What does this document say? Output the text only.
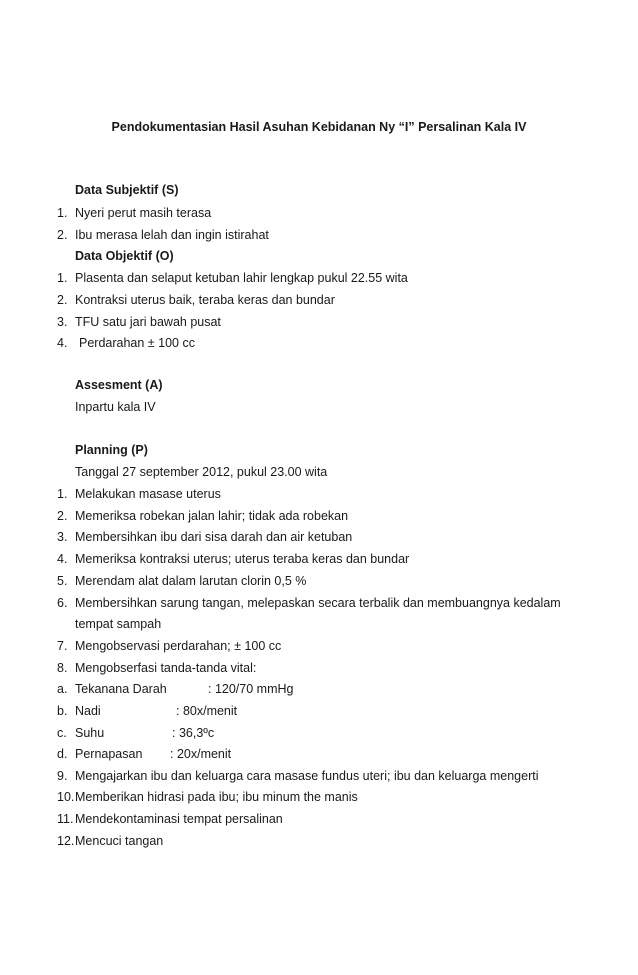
Pendokumentasian Hasil Asuhan Kebidanan Ny “I” Persalinan Kala IV
Data Subjektif (S)
1. Nyeri perut masih terasa
2. Ibu merasa lelah dan ingin istirahat
Data Objektif (O)
1. Plasenta dan selaput ketuban lahir lengkap pukul 22.55 wita
2. Kontraksi uterus baik, teraba keras dan bundar
3. TFU satu jari bawah pusat
4. Perdarahan ± 100 cc
Assesment (A)
Inpartu kala IV
Planning (P)
Tanggal 27 september 2012, pukul 23.00 wita
1. Melakukan masase uterus
2. Memeriksa robekan jalan lahir; tidak ada robekan
3. Membersihkan ibu dari sisa darah dan air ketuban
4. Memeriksa kontraksi uterus; uterus teraba keras dan bundar
5. Merendam alat dalam larutan clorin 0,5 %
6. Membersihkan sarung tangan, melepaskan secara terbalik dan membuangnya kedalam
tempat sampah
7. Mengobservasi perdarahan; ± 100 cc
8. Mengobserfasi tanda-tanda vital:
a. Tekanana Darah	: 120/70 mmHg
b. Nadi	: 80x/menit
c. Suhu	: 36,3ºc
d. Pernapasan : 20x/menit
9. Mengajarkan ibu dan keluarga cara masase fundus uteri; ibu dan keluarga mengerti
10. Memberikan hidrasi pada ibu; ibu minum the manis
11. Mendekontaminasi tempat persalinan
12. Mencuci tangan
